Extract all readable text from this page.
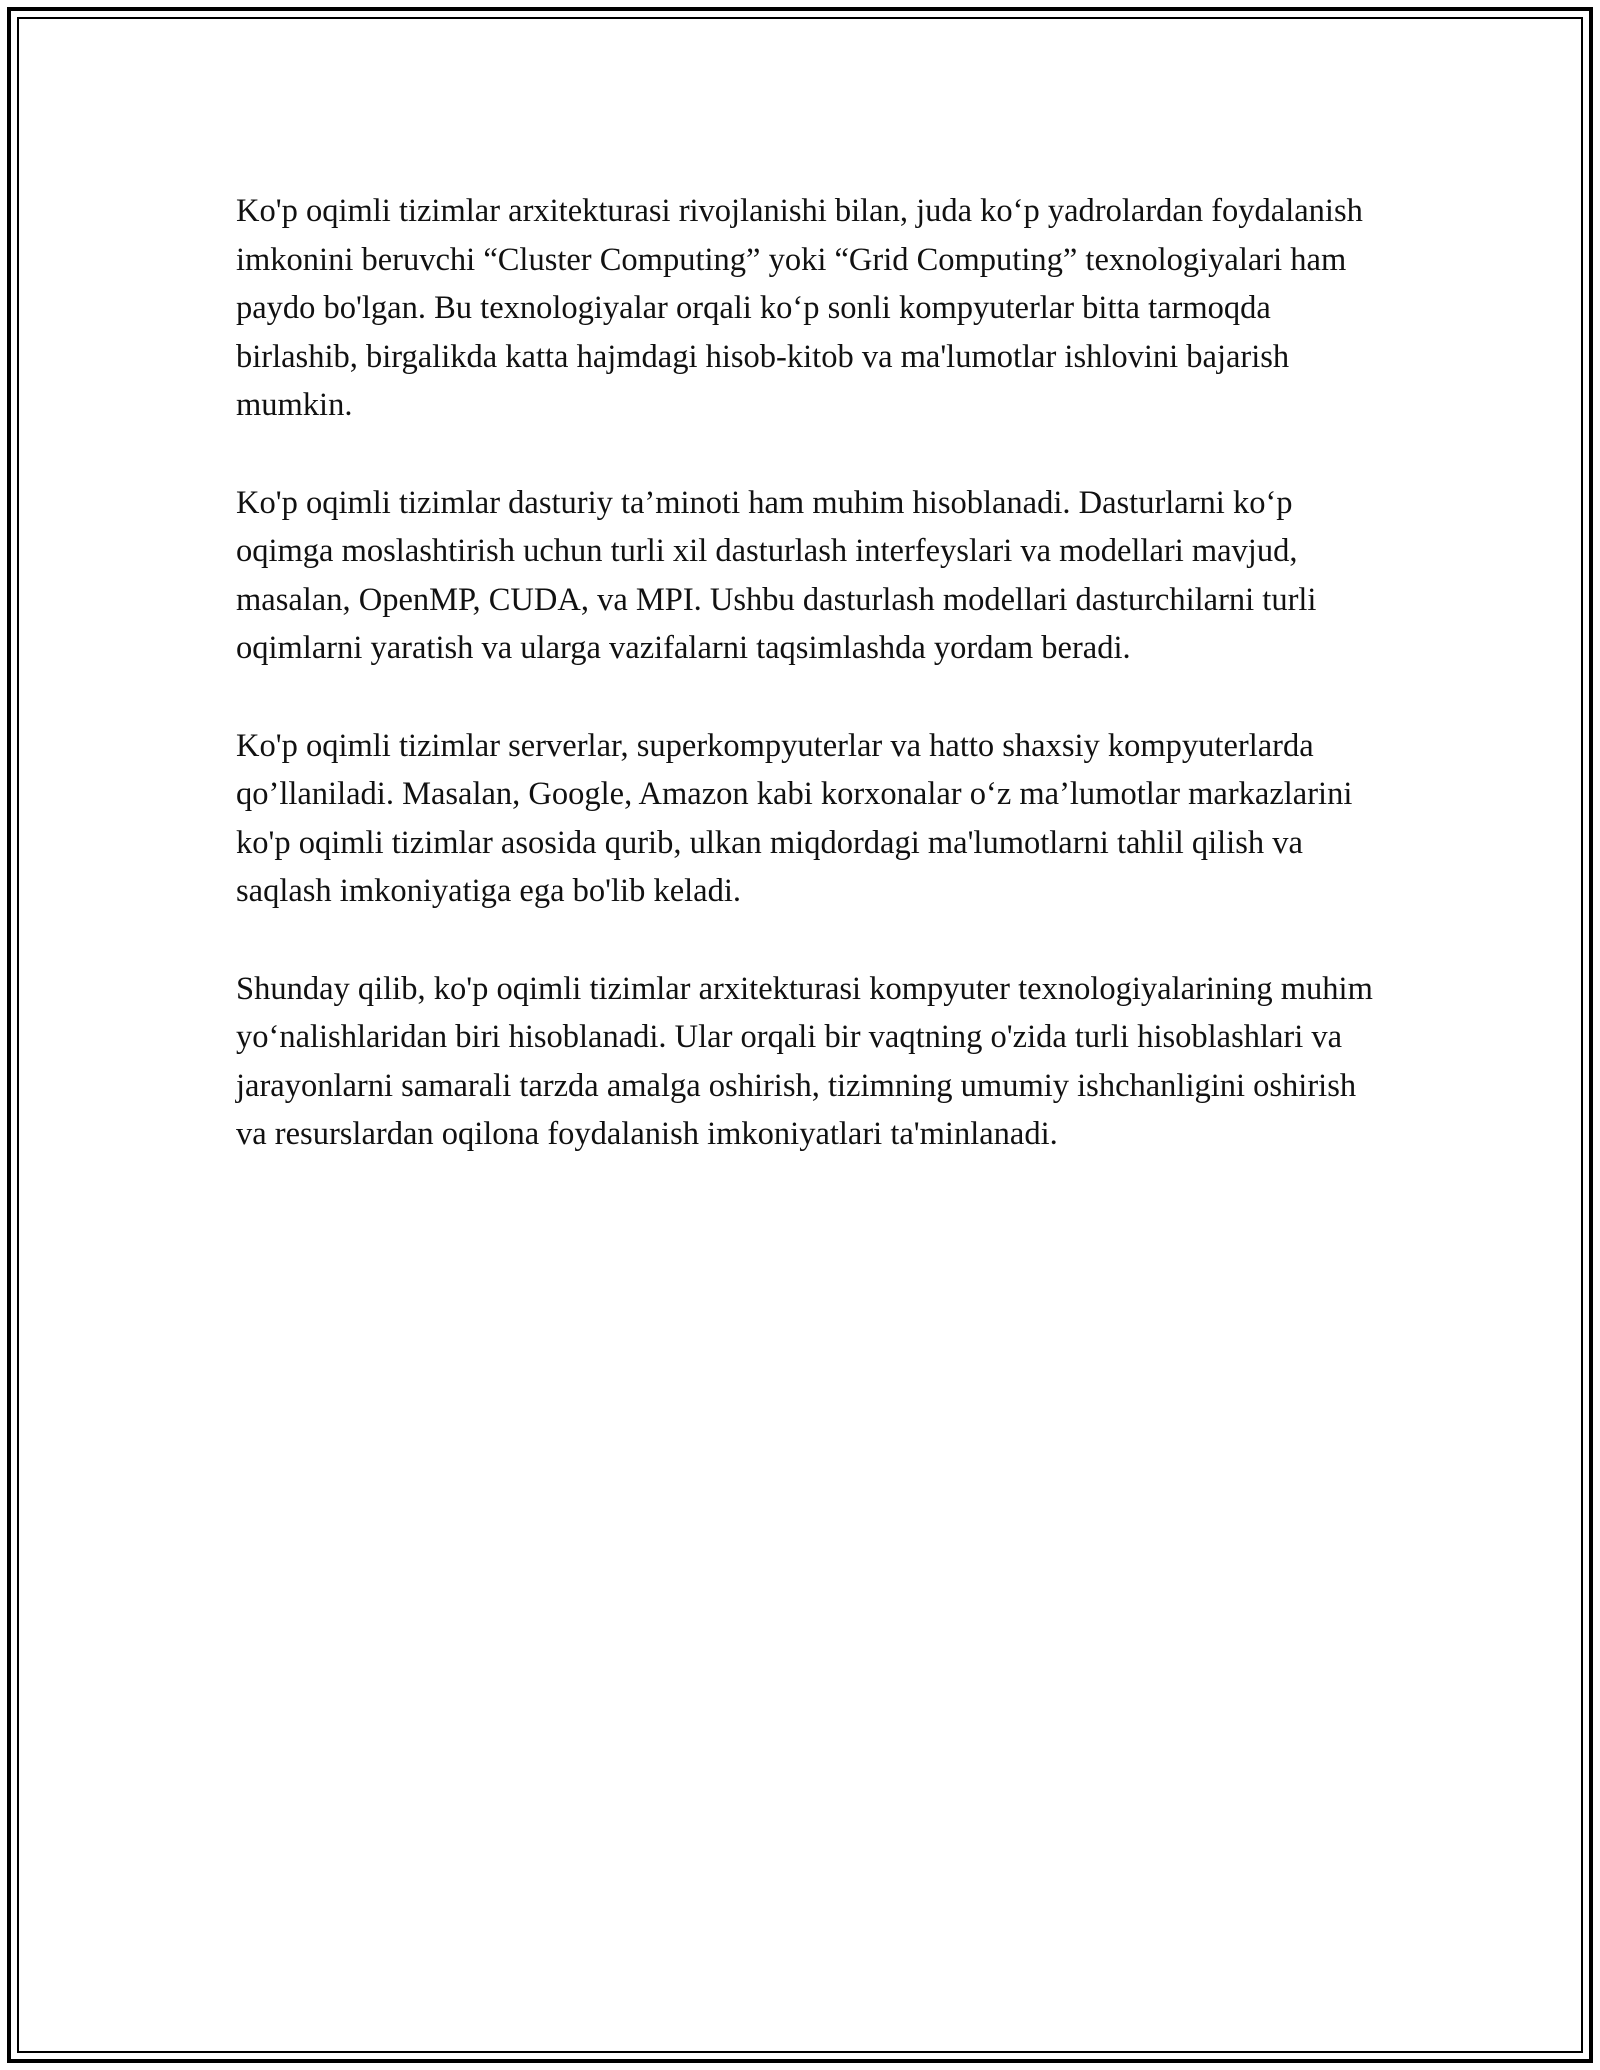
Ko'p oqimli tizimlar arxitekturasi rivojlanishi bilan, juda ko‘p yadrolardan foydalanish imkonini beruvchi “Cluster Computing” yoki “Grid Computing” texnologiyalari ham paydo bo'lgan. Bu texnologiyalar orqali ko‘p sonli kompyuterlar bitta tarmoqda birlashib, birgalikda katta hajmdagi hisob-kitob va ma'lumotlar ishlovini bajarish mumkin.

Ko'p oqimli tizimlar dasturiy ta’minoti ham muhim hisoblanadi. Dasturlarni ko‘p oqimga moslashtirish uchun turli xil dasturlash interfeyslari va modellari mavjud, masalan, OpenMP, CUDA, va MPI. Ushbu dasturlash modellari dasturchilarni turli oqimlarni yaratish va ularga vazifalarni taqsimlashda yordam beradi.

Ko'p oqimli tizimlar serverlar, superkompyuterlar va hatto shaxsiy kompyuterlarda qo’llaniladi. Masalan, Google, Amazon kabi korxonalar o‘z ma’lumotlar markazlarini ko'p oqimli tizimlar asosida qurib, ulkan miqdordagi ma'lumotlarni tahlil qilish va saqlash imkoniyatiga ega bo'lib keladi.

Shunday qilib, ko'p oqimli tizimlar arxitekturasi kompyuter texnologiyalarining muhim yo‘nalishlaridan biri hisoblanadi. Ular orqali bir vaqtning o'zida turli hisoblashlari va jarayonlarni samarali tarzda amalga oshirish, tizimning umumiy ishchanligini oshirish va resurslardan oqilona foydalanish imkoniyatlari ta'minlanadi.
